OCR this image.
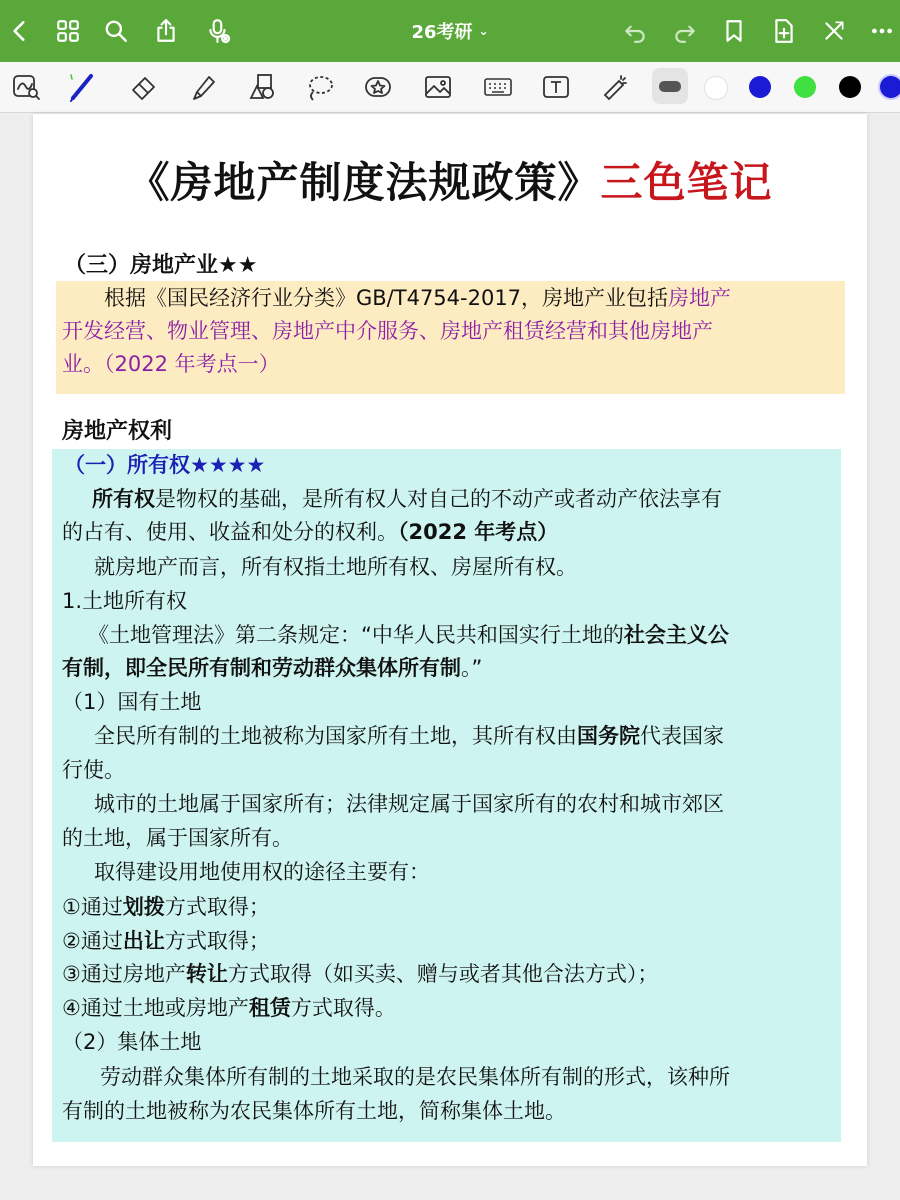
26考研 ⌄
《房地产制度法规政策》三色笔记
（三）房地产业★★
　　根据《国民经济行业分类》GB/T4754-2017，房地产业包括房地产
开发经营、物业管理、房地产中介服务、房地产租赁经营和其他房地产
业。（2022 年考点一）
房地产权利
（一）所有权★★★★
所有权是物权的基础，是所有权人对自己的不动产或者动产依法享有
的占有、使用、收益和处分的权利。（2022 年考点）
就房地产而言，所有权指土地所有权、房屋所有权。
1.土地所有权
《土地管理法》第二条规定：“中华人民共和国实行土地的社会主义公
有制，即全民所有制和劳动群众集体所有制。”
（1）国有土地
全民所有制的土地被称为国家所有土地，其所有权由国务院代表国家
行使。
城市的土地属于国家所有；法律规定属于国家所有的农村和城市郊区
的土地，属于国家所有。
取得建设用地使用权的途径主要有：
①通过划拨方式取得；
②通过出让方式取得；
③通过房地产转让方式取得（如买卖、赠与或者其他合法方式）；
④通过土地或房地产租赁方式取得。
（2）集体土地
劳动群众集体所有制的土地采取的是农民集体所有制的形式，该种所
有制的土地被称为农民集体所有土地，简称集体土地。
